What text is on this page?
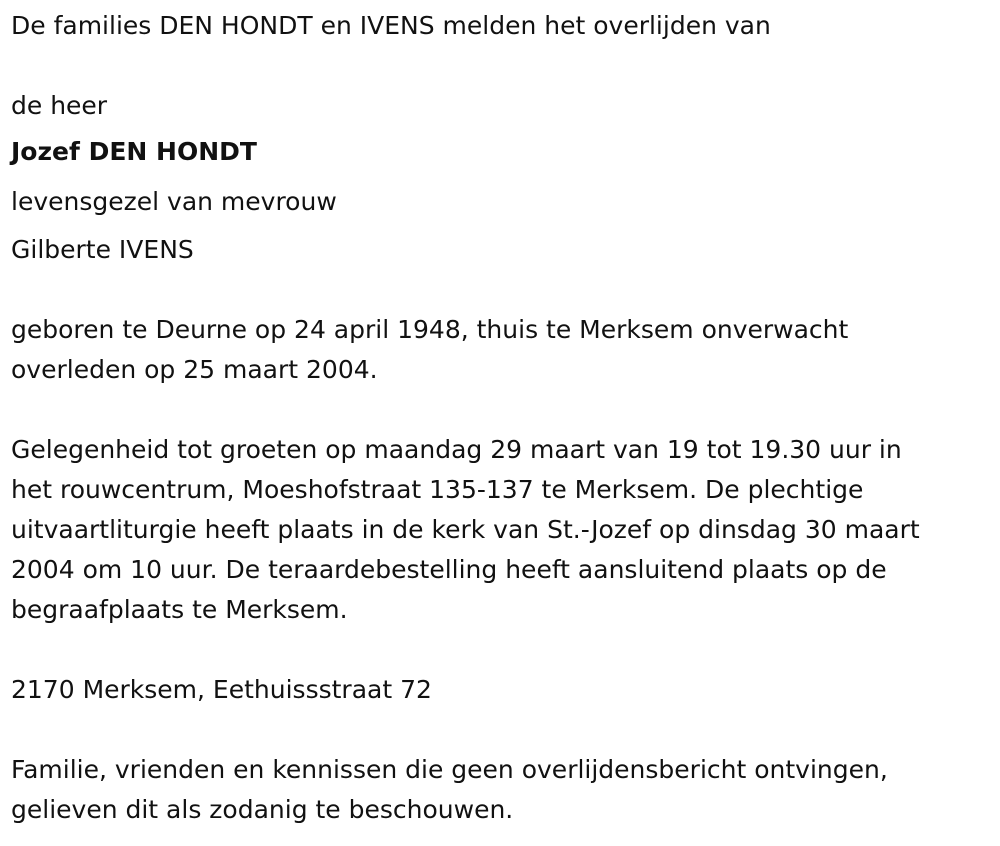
De families DEN HONDT en IVENS melden het overlijden van

de heer

Jozef DEN HONDT

levensgezel van mevrouw

Gilberte IVENS

geboren te Deurne op 24 april 1948, thuis te Merksem onverwacht

overleden op 25 maart 2004.

Gelegenheid tot groeten op maandag 29 maart van 19 tot 19.30 uur in

het rouwcentrum, Moeshofstraat 135-137 te Merksem. De plechtige

uitvaartliturgie heeft plaats in de kerk van St.-Jozef op dinsdag 30 maart

2004 om 10 uur. De teraardebestelling heeft aansluitend plaats op de

begraafplaats te Merksem.

2170 Merksem, Eethuissstraat 72

Familie, vrienden en kennissen die geen overlijdensbericht ontvingen,

gelieven dit als zodanig te beschouwen.
